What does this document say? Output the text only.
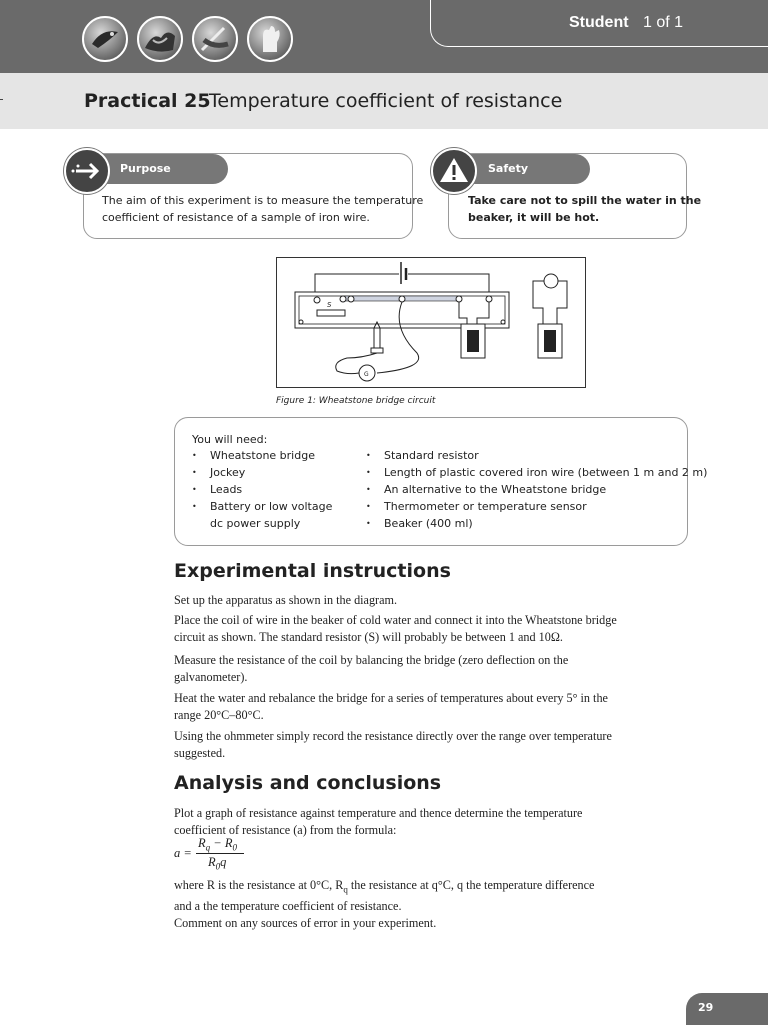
Student 1 of 1
Practical 25
Temperature coefficient of resistance
Purpose
The aim of this experiment is to measure the temperature
coefficient of resistance of a sample of iron wire.
Safety
Take care not to spill the water in the
beaker, it will be hot.
S
G
Figure 1: Wheatstone bridge circuit
You will need:
• Wheatstone bridge
• Jockey
• Leads
• Battery or low voltage
dc power supply
• Standard resistor
• Length of plastic covered iron wire (between 1 m and 2 m)
• An alternative to the Wheatstone bridge
• Thermometer or temperature sensor
• Beaker (400 ml)
Experimental instructions
Set up the apparatus as shown in the diagram.
Place the coil of wire in the beaker of cold water and connect it into the Wheatstone bridge
circuit as shown. The standard resistor (S) will probably be between 1 and 10Ω.
Measure the resistance of the coil by balancing the bridge (zero deflection on the
galvanometer).
Heat the water and rebalance the bridge for a series of temperatures about every 5° in the
range 20°C–80°C.
Using the ohmmeter simply record the resistance directly over the range over temperature
suggested.
Analysis and conclusions
Plot a graph of resistance against temperature and thence determine the temperature
coefficient of resistance (a) from the formula:
a =
$R_q - R_0$
$R_0q$
where R is the resistance at 0°C, $R_q$ the resistance at q°C, q the temperature difference
and a the temperature coefficient of resistance.
Comment on any sources of error in your experiment.
29
